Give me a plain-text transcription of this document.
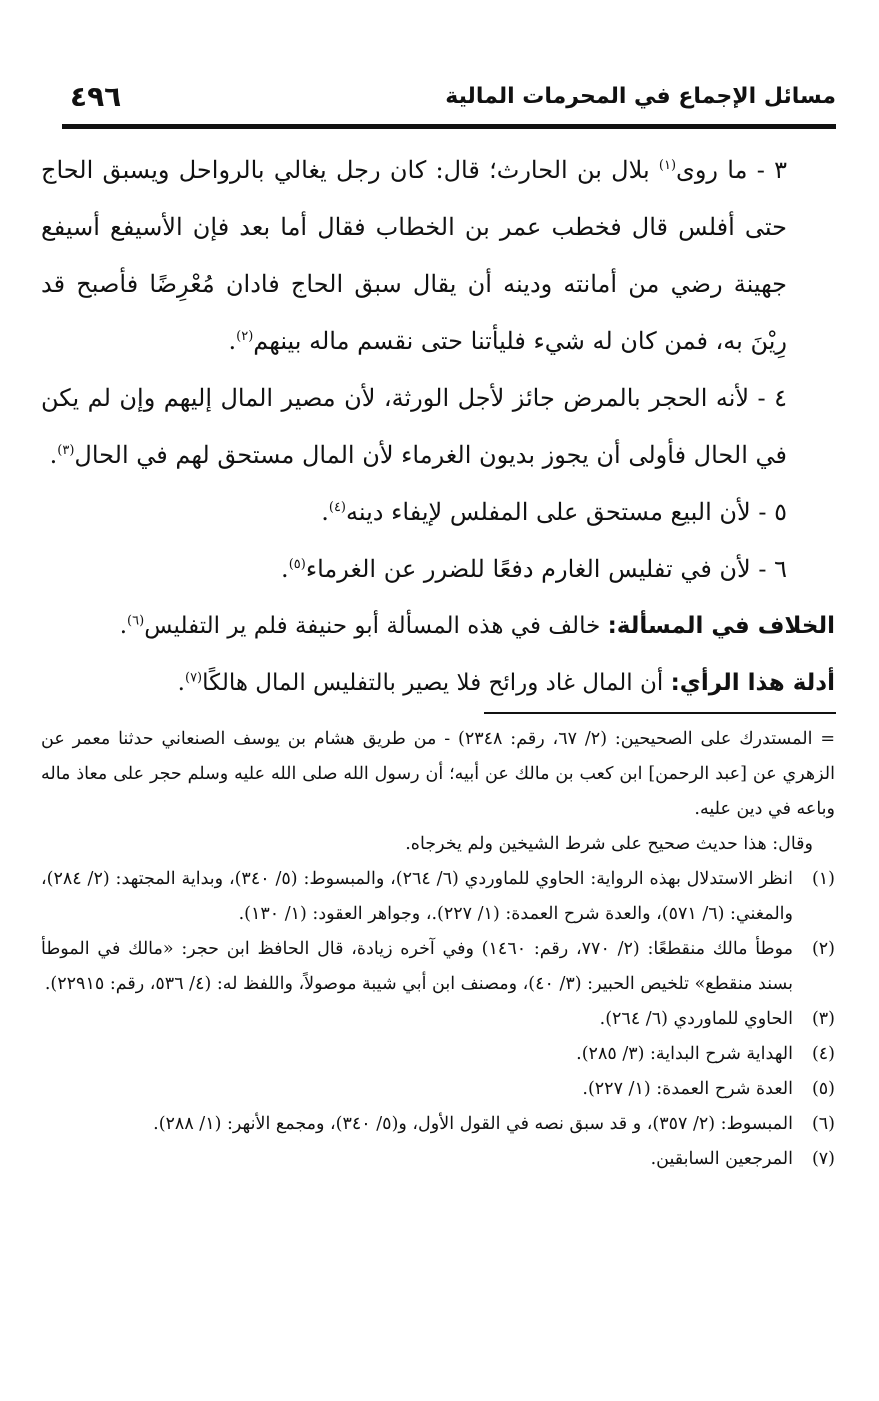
مسائل الإجماع في المحرمات المالية
٤٩٦

٣ - ما روى$^{(١)}$ بلال بن الحارث؛ قال: كان رجل يغالي بالرواحل ويسبق الحاج حتى أفلس قال فخطب عمر بن الخطاب فقال أما بعد فإن الأسيفع أسيفع جهينة رضي من أمانته ودينه أن يقال سبق الحاج فادان مُعْرِضًا فأصبح قد رِيْنَ به، فمن كان له شيء فليأتنا حتى نقسم ماله بينهم$^{(٢)}$.

٤ - لأنه الحجر بالمرض جائز لأجل الورثة، لأن مصير المال إليهم وإن لم يكن في الحال فأولى أن يجوز بديون الغرماء لأن المال مستحق لهم في الحال$^{(٣)}$.

٥ - لأن البيع مستحق على المفلس لإيفاء دينه$^{(٤)}$.

٦ - لأن في تفليس الغارم دفعًا للضرر عن الغرماء$^{(٥)}$.

الخلاف في المسألة: خالف في هذه المسألة أبو حنيفة فلم ير التفليس$^{(٦)}$.

أدلة هذا الرأي: أن المال غاد ورائح فلا يصير بالتفليس المال هالكًا$^{(٧)}$.

= المستدرك على الصحيحين: (٢/ ٦٧، رقم: ٢٣٤٨) - من طريق هشام بن يوسف الصنعاني حدثنا معمر عن الزهري عن [عبد الرحمن] ابن كعب بن مالك عن أبيه؛ أن رسول الله صلى الله عليه وسلم حجر على معاذ ماله وباعه في دين عليه.

وقال: هذا حديث صحيح على شرط الشيخين ولم يخرجاه.

(١)
انظر الاستدلال بهذه الرواية: الحاوي للماوردي (٦/ ٢٦٤)، والمبسوط: (٥/ ٣٤٠)، وبداية المجتهد: (٢/ ٢٨٤)، والمغني: (٦/ ٥٧١)، والعدة شرح العمدة: (١/ ٢٢٧).، وجواهر العقود: (١/ ١٣٠).

(٢)
موطأ مالك منقطعًا: (٢/ ٧٧٠، رقم: ١٤٦٠) وفي آخره زيادة، قال الحافظ ابن حجر: «مالك في الموطأ بسند منقطع» تلخيص الحبير: (٣/ ٤٠)، ومصنف ابن أبي شيبة موصولاً، واللفظ له: (٤/ ٥٣٦، رقم: ٢٢٩١٥).

(٣)
الحاوي للماوردي (٦/ ٢٦٤).

(٤)
الهداية شرح البداية: (٣/ ٢٨٥).

(٥)
العدة شرح العمدة: (١/ ٢٢٧).

(٦)
المبسوط: (٢/ ٣٥٧)، و قد سبق نصه في القول الأول، و(٥/ ٣٤٠)، ومجمع الأنهر: (١/ ٢٨٨).

(٧)
المرجعين السابقين.
